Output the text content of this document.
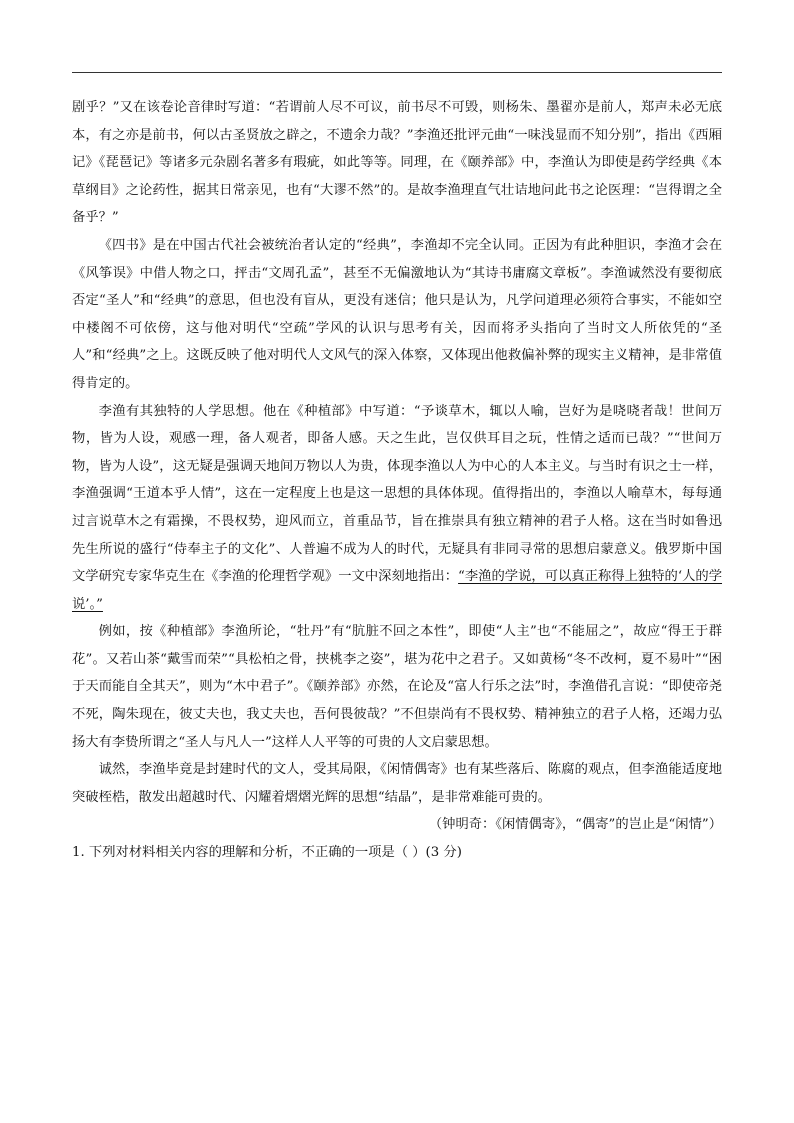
剧乎？”又在该卷论音律时写道：“若谓前人尽不可议，前书尽不可毁，则杨朱、墨翟亦是前人，郑声未必无底本，有之亦是前书，何以古圣贤放之辟之，不遗余力哉？”李渔还批评元曲“一味浅显而不知分别”，指出《西厢记》《琵琶记》等诸多元杂剧名著多有瑕疵，如此等等。同理，在《颐养部》中，李渔认为即使是药学经典《本草纲目》之论药性，据其日常亲见，也有“大谬不然”的。是故李渔理直气壮诘地问此书之论医理：“岂得谓之全备乎？”

《四书》是在中国古代社会被统治者认定的“经典”，李渔却不完全认同。正因为有此种胆识，李渔才会在《风筝误》中借人物之口，抨击“文周孔孟”，甚至不无偏激地认为“其诗书庸腐文章板”。李渔诚然没有要彻底否定“圣人”和“经典”的意思，但也没有盲从，更没有迷信；他只是认为，凡学问道理必须符合事实，不能如空中楼阁不可依傍，这与他对明代“空疏”学风的认识与思考有关，因而将矛头指向了当时文人所依凭的“圣人”和“经典”之上。这既反映了他对明代人文风气的深入体察，又体现出他救偏补弊的现实主义精神，是非常值得肯定的。

李渔有其独特的人学思想。他在《种植部》中写道：“予谈草木，辄以人喻，岂好为是哓哓者哉！世间万物，皆为人设，观感一理，备人观者，即备人感。天之生此，岂仅供耳目之玩，性情之适而已哉？”“世间万物，皆为人设”，这无疑是强调天地间万物以人为贵，体现李渔以人为中心的人本主义。与当时有识之士一样，李渔强调“王道本乎人情”，这在一定程度上也是这一思想的具体体现。值得指出的，李渔以人喻草木，每每通过言说草木之有霜操，不畏权势，迎风而立，首重品节，旨在推崇具有独立精神的君子人格。这在当时如鲁迅先生所说的盛行“侍奉主子的文化”、人普遍不成为人的时代，无疑具有非同寻常的思想启蒙意义。俄罗斯中国文学研究专家华克生在《李渔的伦理哲学观》一文中深刻地指出：“李渔的学说，可以真正称得上独特的‘人的学说’。”

例如，按《种植部》李渔所论，“牡丹”有“肮脏不回之本性”，即使“人主”也“不能屈之”，故应“得王于群花”。又若山茶“戴雪而荣”“具松柏之骨，挟桃李之姿”，堪为花中之君子。又如黄杨“冬不改柯，夏不易叶”“困于天而能自全其天”，则为“木中君子”。《颐养部》亦然，在论及“富人行乐之法”时，李渔借孔言说：“即使帝尧不死，陶朱现在，彼丈夫也，我丈夫也，吾何畏彼哉？”不但崇尚有不畏权势、精神独立的君子人格，还竭力弘扬大有李贽所谓之“圣人与凡人一”这样人人平等的可贵的人文启蒙思想。

诚然，李渔毕竟是封建时代的文人，受其局限，《闲情偶寄》也有某些落后、陈腐的观点，但李渔能适度地突破桎梏，散发出超越时代、闪耀着熠熠光辉的思想“结晶”，是非常难能可贵的。

（钟明奇：《闲情偶寄》，“偶寄”的岂止是“闲情”）

1. 下列对材料相关内容的理解和分析，不正确的一项是（ ）(3 分)
